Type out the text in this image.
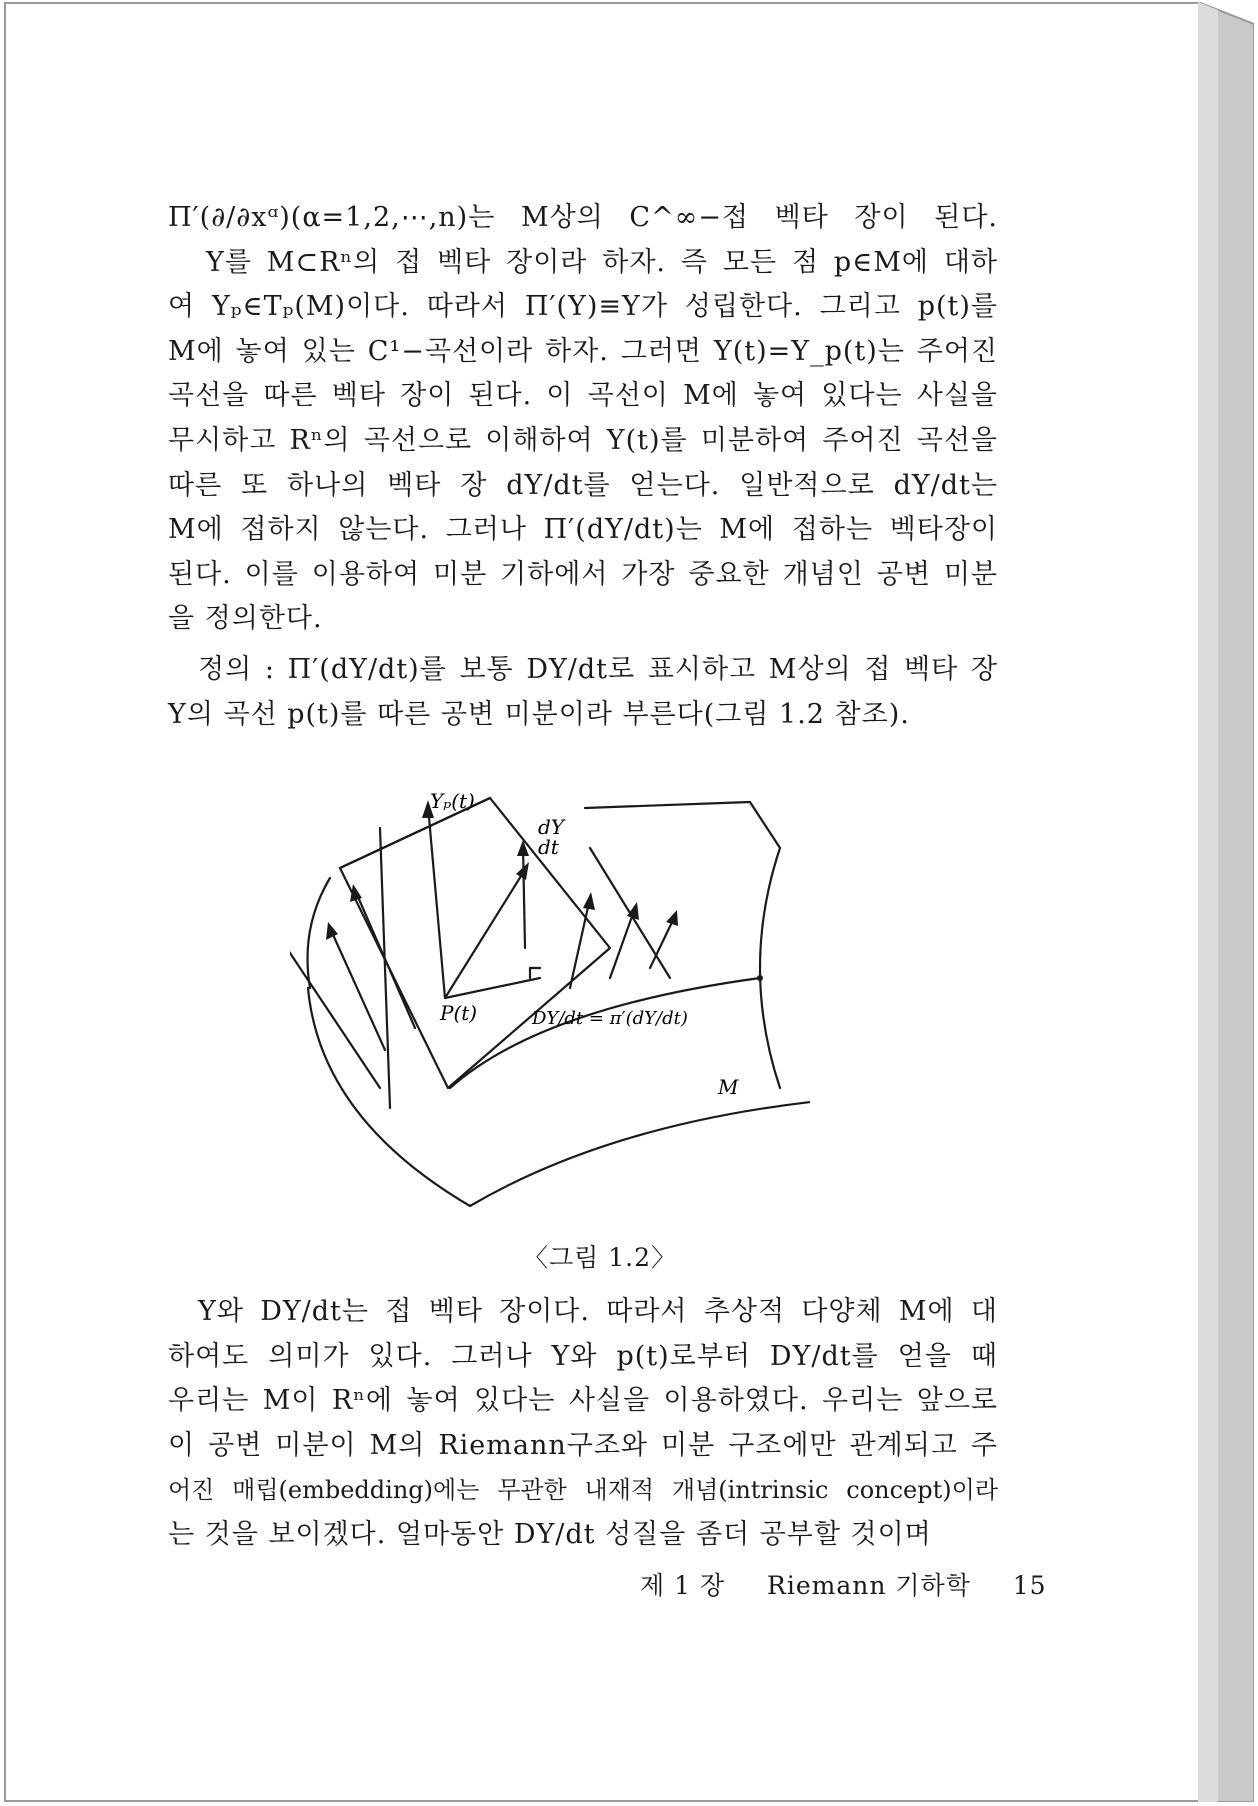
Π′(∂/∂xᵅ)(α=1,2,⋯,n)는 M상의 C^∞−접 벡타 장이 된다.
Y를 M⊂Rⁿ의 접 벡타 장이라 하자. 즉 모든 점 p∈M에 대하
여 Yₚ∈Tₚ(M)이다. 따라서 Π′(Y)≡Y가 성립한다. 그리고 p(t)를
M에 놓여 있는 C¹−곡선이라 하자. 그러면 Y(t)=Y_p(t)는 주어진
곡선을 따른 벡타 장이 된다. 이 곡선이 M에 놓여 있다는 사실을
무시하고 Rⁿ의 곡선으로 이해하여 Y(t)를 미분하여 주어진 곡선을
따른 또 하나의 벡타 장 dY/dt를 얻는다. 일반적으로 dY/dt는
M에 접하지 않는다. 그러나 Π′(dY/dt)는 M에 접하는 벡타장이
된다. 이를 이용하여 미분 기하에서 가장 중요한 개념인 공변 미분
을 정의한다.
정의 : Π′(dY/dt)를 보통 DY/dt로 표시하고 M상의 접 벡타 장
Y의 곡선 p(t)를 따른 공변 미분이라 부른다(그림 1.2 참조).
Yₚ(t)
dY
dt
P(t)	DY/dt = π′(dY/dt)
M
〈그림 1.2〉
Y와 DY/dt는 접 벡타 장이다. 따라서 추상적 다양체 M에 대
하여도 의미가 있다. 그러나 Y와 p(t)로부터 DY/dt를 얻을 때
우리는 M이 Rⁿ에 놓여 있다는 사실을 이용하였다. 우리는 앞으로
이 공변 미분이 M의 Riemann구조와 미분 구조에만 관계되고 주
어진 매립(embedding)에는 무관한 내재적 개념(intrinsic concept)이라
는 것을 보이겠다. 얼마동안 DY/dt 성질을 좀더 공부할 것이며
제 1 장 Riemann 기하학 15
